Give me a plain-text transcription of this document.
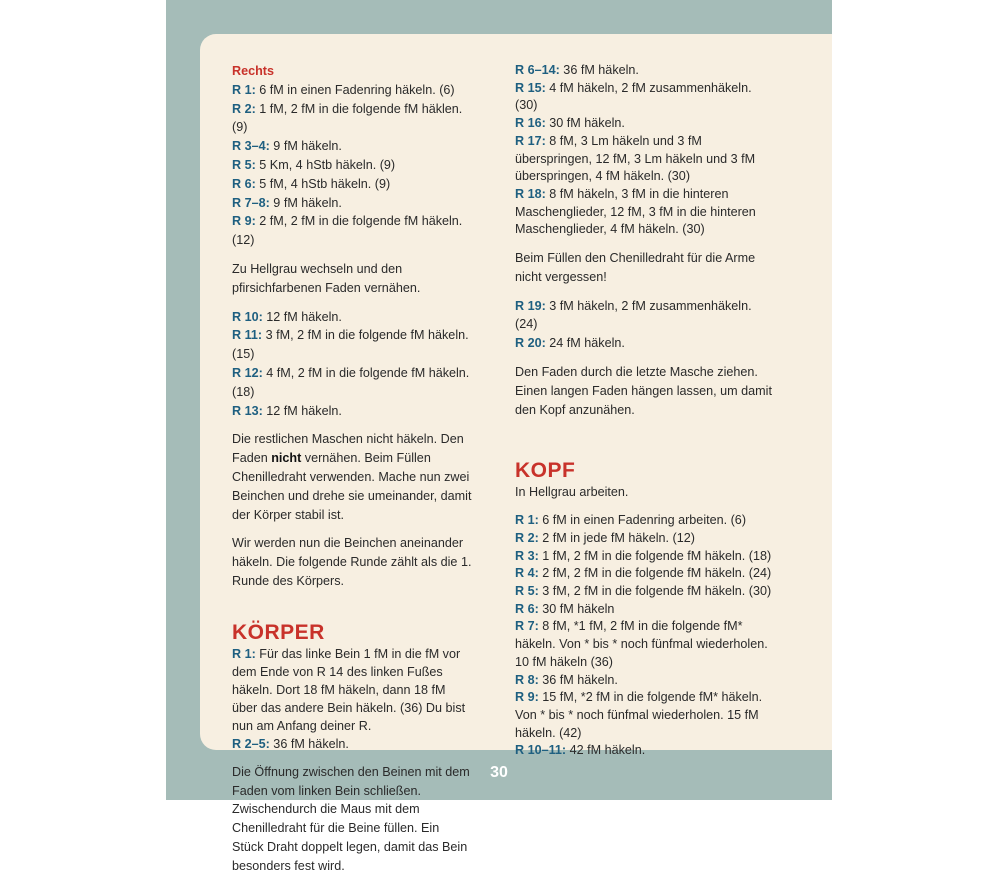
Rechts

R 1: 6 fM in einen Fadenring häkeln. (6)

R 2: 1 fM, 2 fM in die folgende fM häklen. (9)

R 3–4: 9 fM häkeln.

R 5: 5 Km, 4 hStb häkeln. (9)

R 6: 5 fM, 4 hStb häkeln. (9)

R 7–8: 9 fM häkeln.

R 9: 2 fM, 2 fM in die folgende fM häkeln. (12)

Zu Hellgrau wechseln und den pfirsichfarbenen Faden vernähen.

R 10: 12 fM häkeln.

R 11: 3 fM, 2 fM in die folgende fM häkeln. (15)

R 12: 4 fM, 2 fM in die folgende fM häkeln. (18)

R 13: 12 fM häkeln.

Die restlichen Maschen nicht häkeln. Den Faden nicht vernähen. Beim Füllen Chenilledraht verwenden. Mache nun zwei Beinchen und drehe sie umeinander, damit der Körper stabil ist.

Wir werden nun die Beinchen aneinander häkeln. Die folgende Runde zählt als die 1. Runde des Körpers.

KÖRPER

R 1: Für das linke Bein 1 fM in die fM vor dem Ende von R 14 des linken Fußes häkeln. Dort 18 fM häkeln, dann 18 fM über das andere Bein häkeln. (36) Du bist nun am Anfang deiner R.

R 2–5: 36 fM häkeln.

Die Öffnung zwischen den Beinen mit dem Faden vom linken Bein schließen. Zwischendurch die Maus mit dem Chenilledraht für die Beine füllen. Ein Stück Draht doppelt legen, damit das Bein besonders fest wird.

R 6–14: 36 fM häkeln.

R 15: 4 fM häkeln, 2 fM zusammenhäkeln. (30)

R 16: 30 fM häkeln.

R 17: 8 fM, 3 Lm häkeln und 3 fM überspringen, 12 fM, 3 Lm häkeln und 3 fM überspringen, 4 fM häkeln. (30)

R 18: 8 fM häkeln, 3 fM in die hinteren Maschenglieder, 12 fM, 3 fM in die hinteren Maschenglieder, 4 fM häkeln. (30)

Beim Füllen den Chenilledraht für die Arme nicht vergessen!

R 19: 3 fM häkeln, 2 fM zusammenhäkeln. (24)

R 20: 24 fM häkeln.

Den Faden durch die letzte Masche ziehen. Einen langen Faden hängen lassen, um damit den Kopf anzunähen.

KOPF

In Hellgrau arbeiten.

R 1: 6 fM in einen Fadenring arbeiten. (6)

R 2: 2 fM in jede fM häkeln. (12)

R 3: 1 fM, 2 fM in die folgende fM häkeln. (18)

R 4: 2 fM, 2 fM in die folgende fM häkeln. (24)

R 5: 3 fM, 2 fM in die folgende fM häkeln. (30)

R 6: 30 fM häkeln

R 7: 8 fM, *1 fM, 2 fM in die folgende fM* häkeln. Von * bis * noch fünfmal wiederholen. 10 fM häkeln (36)

R 8: 36 fM häkeln.

R 9: 15 fM, *2 fM in die folgende fM* häkeln. Von * bis * noch fünfmal wiederholen. 15 fM häkeln. (42)

R 10–11: 42 fM häkeln.

30
